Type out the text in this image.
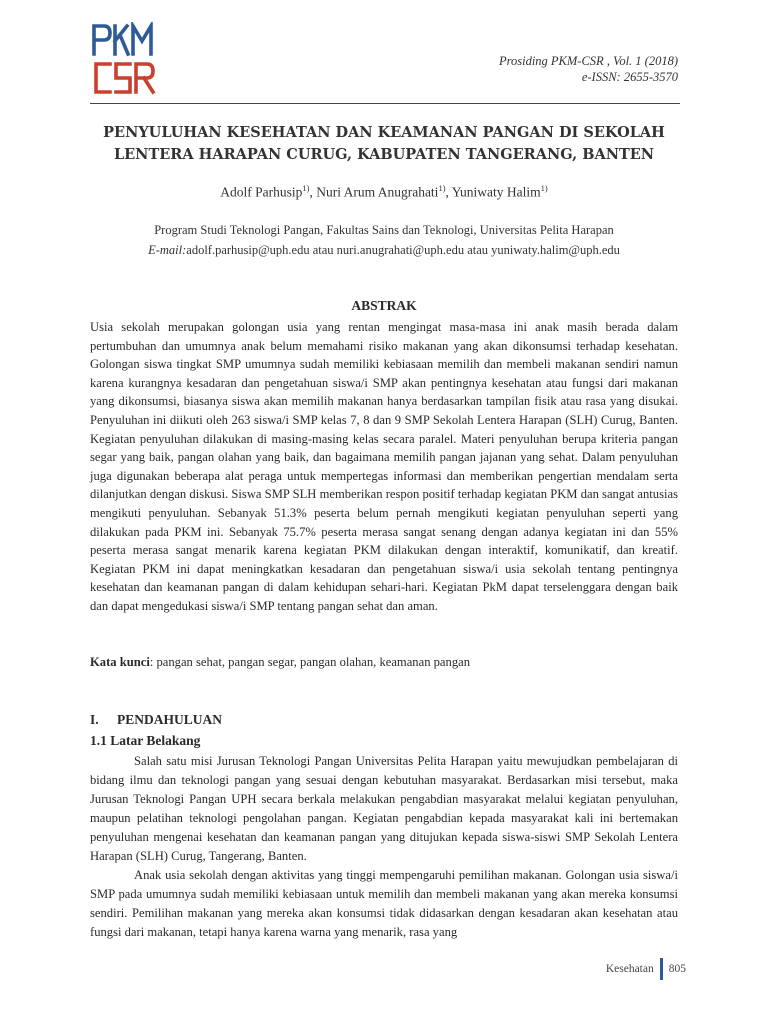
Prosiding PKM-CSR , Vol. 1 (2018)
e-ISSN: 2655-3570
PENYULUHAN KESEHATAN DAN KEAMANAN PANGAN DI SEKOLAH
LENTERA HARAPAN CURUG, KABUPATEN TANGERANG, BANTEN
Adolf Parhusip$^{1)}$, Nuri Arum Anugrahati$^{1)}$, Yuniwaty Halim$^{1)}$
Program Studi Teknologi Pangan, Fakultas Sains dan Teknologi, Universitas Pelita Harapan
E-mail:adolf.parhusip@uph.edu atau nuri.anugrahati@uph.edu atau yuniwaty.halim@uph.edu
ABSTRAK

Usia sekolah merupakan golongan usia yang rentan mengingat masa-masa ini anak masih berada dalam pertumbuhan dan umumnya anak belum memahami risiko makanan yang akan dikonsumsi terhadap kesehatan. Golongan siswa tingkat SMP umumnya sudah memiliki kebiasaan memilih dan membeli makanan sendiri namun karena kurangnya kesadaran dan pengetahuan siswa/i SMP akan pentingnya kesehatan atau fungsi dari makanan yang dikonsumsi, biasanya siswa akan memilih makanan hanya berdasarkan tampilan fisik atau rasa yang disukai. Penyuluhan ini diikuti oleh 263 siswa/i SMP kelas 7, 8 dan 9 SMP Sekolah Lentera Harapan (SLH) Curug, Banten. Kegiatan penyuluhan dilakukan di masing-masing kelas secara paralel. Materi penyuluhan berupa kriteria pangan segar yang baik, pangan olahan yang baik, dan bagaimana memilih pangan jajanan yang sehat. Dalam penyuluhan juga digunakan beberapa alat peraga untuk mempertegas informasi dan memberikan pengertian mendalam serta dilanjutkan dengan diskusi. Siswa SMP SLH memberikan respon positif terhadap kegiatan PKM dan sangat antusias mengikuti penyuluhan. Sebanyak 51.3% peserta belum pernah mengikuti kegiatan penyuluhan seperti yang dilakukan pada PKM ini. Sebanyak 75.7% peserta merasa sangat senang dengan adanya kegiatan ini dan 55% peserta merasa sangat menarik karena kegiatan PKM dilakukan dengan interaktif, komunikatif, dan kreatif. Kegiatan PKM ini dapat meningkatkan kesadaran dan pengetahuan siswa/i usia sekolah tentang pentingnya kesehatan dan keamanan pangan di dalam kehidupan sehari-hari. Kegiatan PkM dapat terselenggara dengan baik dan dapat mengedukasi siswa/i SMP tentang pangan sehat dan aman.

Kata kunci: pangan sehat, pangan segar, pangan olahan, keamanan pangan
I. PENDAHULUAN
1.1 Latar Belakang

Salah satu misi Jurusan Teknologi Pangan Universitas Pelita Harapan yaitu mewujudkan pembelajaran di bidang ilmu dan teknologi pangan yang sesuai dengan kebutuhan masyarakat. Berdasarkan misi tersebut, maka Jurusan Teknologi Pangan UPH secara berkala melakukan pengabdian masyarakat melalui kegiatan penyuluhan, maupun pelatihan teknologi pengolahan pangan. Kegiatan pengabdian kepada masyarakat kali ini bertemakan penyuluhan mengenai kesehatan dan keamanan pangan yang ditujukan kepada siswa-siswi SMP Sekolah Lentera Harapan (SLH) Curug, Tangerang, Banten.

Anak usia sekolah dengan aktivitas yang tinggi mempengaruhi pemilihan makanan. Golongan usia siswa/i SMP pada umumnya sudah memiliki kebiasaan untuk memilih dan membeli makanan yang akan mereka konsumsi sendiri. Pemilihan makanan yang mereka akan konsumsi tidak didasarkan dengan kesadaran akan kesehatan atau fungsi dari makanan, tetapi hanya karena warna yang menarik, rasa yang

Kesehatan 805
